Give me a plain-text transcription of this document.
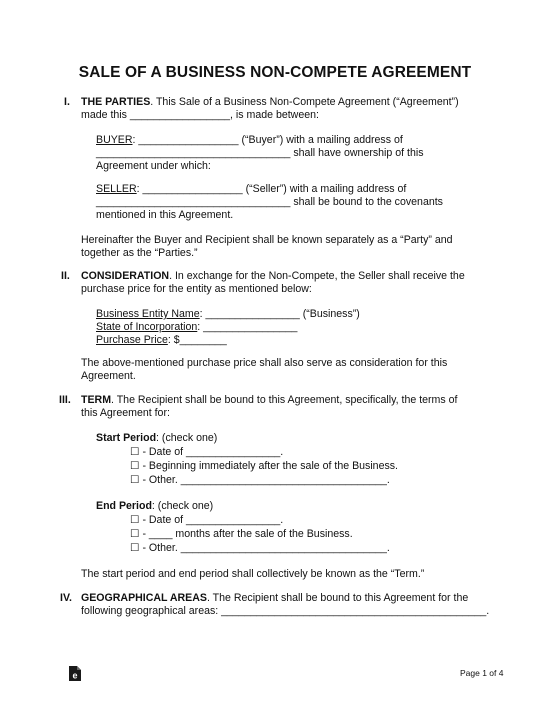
SALE OF A BUSINESS NON-COMPETE AGREEMENT
I. THE PARTIES. This Sale of a Business Non-Compete Agreement (“Agreement”)
made this _________________, is made between:
BUYER: _________________ (“Buyer”) with a mailing address of
_________________________________ shall have ownership of this
Agreement under which:
SELLER: _________________ (“Seller”) with a mailing address of
_________________________________ shall be bound to the covenants
mentioned in this Agreement.
Hereinafter the Buyer and Recipient shall be known separately as a “Party” and
together as the “Parties.”
II. CONSIDERATION. In exchange for the Non-Compete, the Seller shall receive the
purchase price for the entity as mentioned below:
Business Entity Name: ________________ (“Business”)
State of Incorporation: ________________
Purchase Price: $________
The above-mentioned purchase price shall also serve as consideration for this
Agreement.
III. TERM. The Recipient shall be bound to this Agreement, specifically, the terms of
this Agreement for:
Start Period: (check one)
☐ - Date of ________________.
☐ - Beginning immediately after the sale of the Business.
☐ - Other. ___________________________________.
End Period: (check one)
☐ - Date of ________________.
☐ - ____ months after the sale of the Business.
☐ - Other. ___________________________________.
The start period and end period shall collectively be known as the “Term.”
IV. GEOGRAPHICAL AREAS. The Recipient shall be bound to this Agreement for the
following geographical areas: _____________________________________________.
e	Page 1 of 4
